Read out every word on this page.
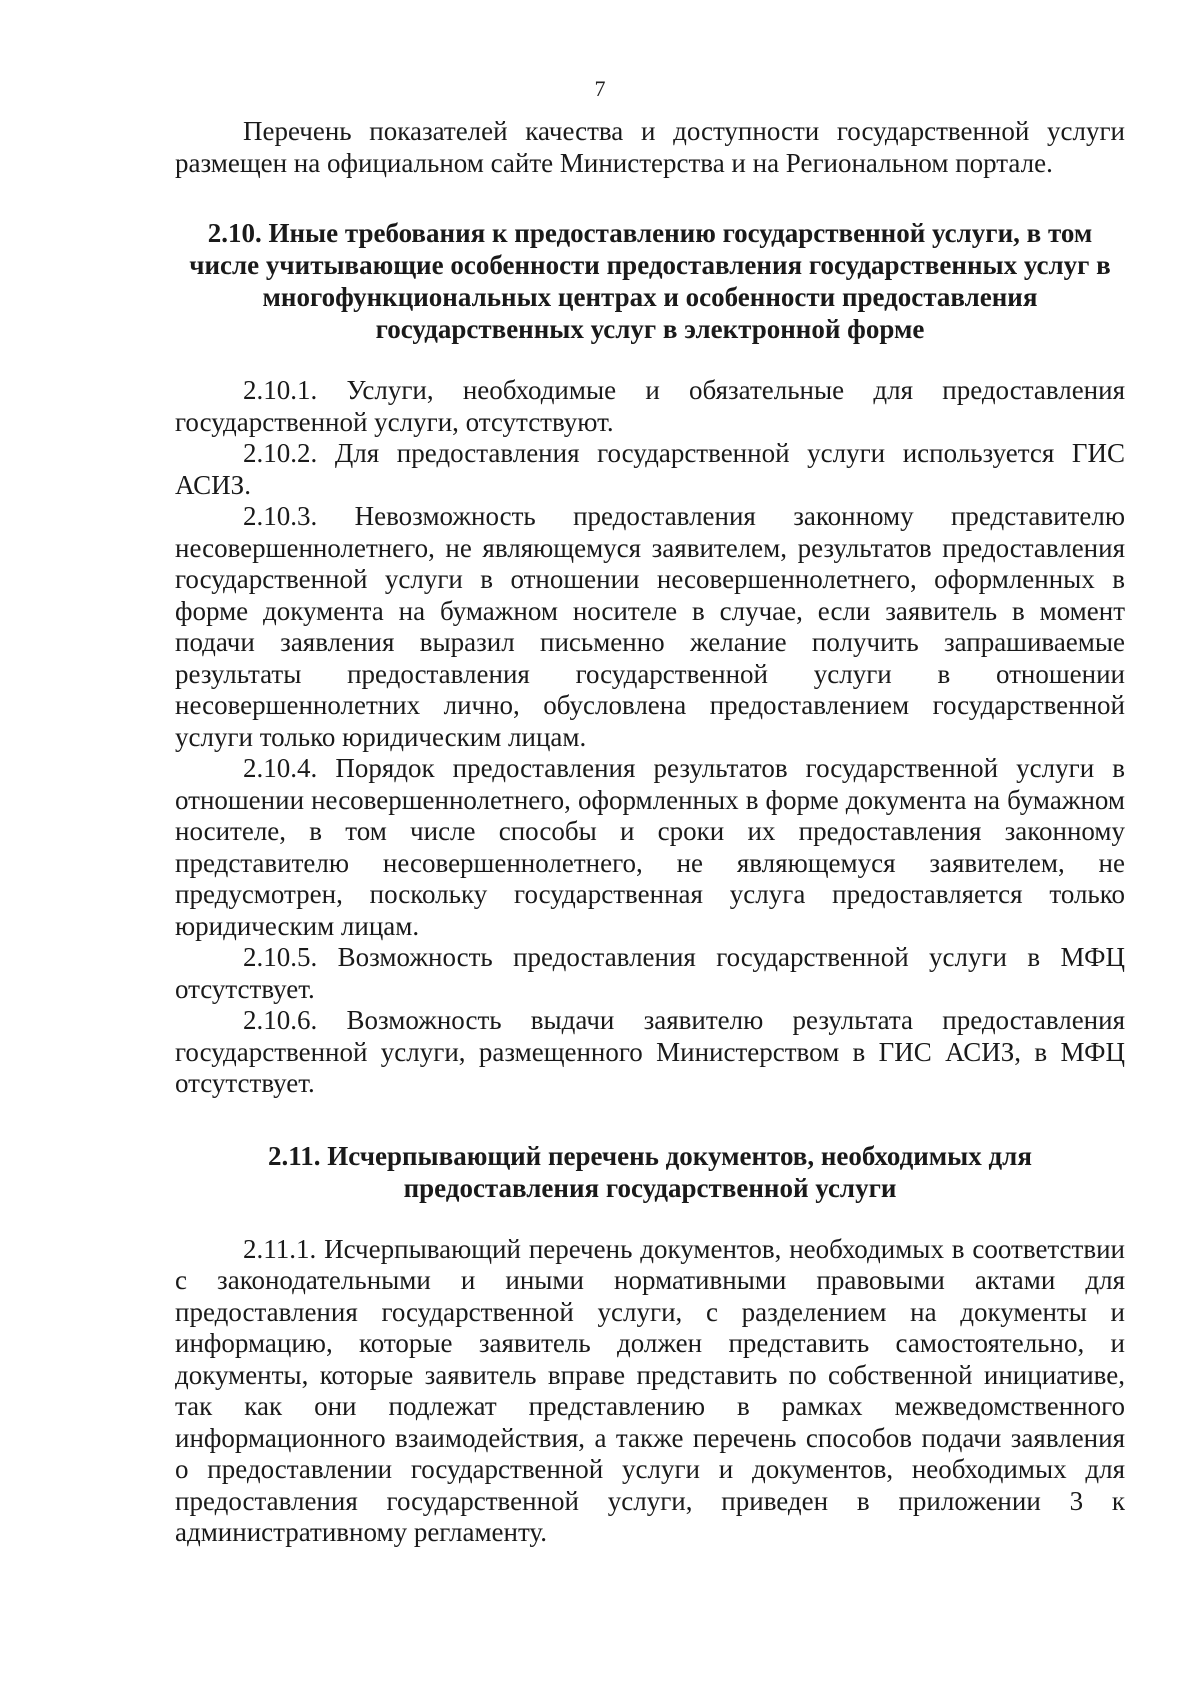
7

Перечень показателей качества и доступности государственной услуги размещен на официальном сайте Министерства и на Региональном портале.

2.10. Иные требования к предоставлению государственной услуги, в том числе учитывающие особенности предоставления государственных услуг в многофункциональных центрах и особенности предоставления государственных услуг в электронной форме

2.10.1. Услуги, необходимые и обязательные для предоставления государственной услуги, отсутствуют.

2.10.2. Для предоставления государственной услуги используется ГИС АСИЗ.

2.10.3. Невозможность предоставления законному представителю несовершеннолетнего, не являющемуся заявителем, результатов предоставления государственной услуги в отношении несовершеннолетнего, оформленных в форме документа на бумажном носителе в случае, если заявитель в момент подачи заявления выразил письменно желание получить запрашиваемые результаты предоставления государственной услуги в отношении несовершеннолетних лично, обусловлена предоставлением государственной услуги только юридическим лицам.

2.10.4. Порядок предоставления результатов государственной услуги в отношении несовершеннолетнего, оформленных в форме документа на бумажном носителе, в том числе способы и сроки их предоставления законному представителю несовершеннолетнего, не являющемуся заявителем, не предусмотрен, поскольку государственная услуга предоставляется только юридическим лицам.

2.10.5. Возможность предоставления государственной услуги в МФЦ отсутствует.

2.10.6. Возможность выдачи заявителю результата предоставления государственной услуги, размещенного Министерством в ГИС АСИЗ, в МФЦ отсутствует.

2.11. Исчерпывающий перечень документов, необходимых для предоставления государственной услуги

2.11.1. Исчерпывающий перечень документов, необходимых в соответствии с законодательными и иными нормативными правовыми актами для предоставления государственной услуги, с разделением на документы и информацию, которые заявитель должен представить самостоятельно, и документы, которые заявитель вправе представить по собственной инициативе, так как они подлежат представлению в рамках межведомственного информационного взаимодействия, а также перечень способов подачи заявления о предоставлении государственной услуги и документов, необходимых для предоставления государственной услуги, приведен в приложении 3 к административному регламенту.
